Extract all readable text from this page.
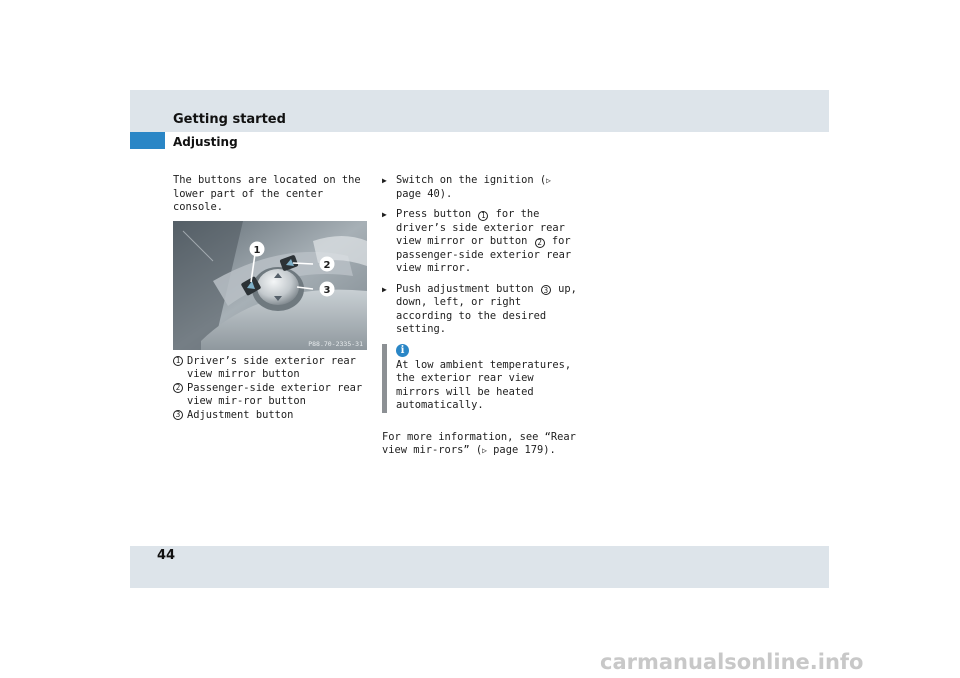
Getting started
Adjusting

The buttons are located on the lower part of the center console.

1
2
3
P88.70-2335-31
1 Driver’s side exterior rear view mirror button
2 Passenger-side exterior rear view mir-ror button
3 Adjustment button
▶ Switch on the ignition (▷ page 40).
▶ Press button 1 for the driver’s side exterior rear view mirror or button 2 for passenger-side exterior rear view mirror.
▶ Push adjustment button 3 up, down, left, or right according to the desired setting.
i

At low ambient temperatures, the exterior rear view mirrors will be heated automatically.

For more information, see “Rear view mir-rors” (▷ page 179).

44
carmanualsonline.info
